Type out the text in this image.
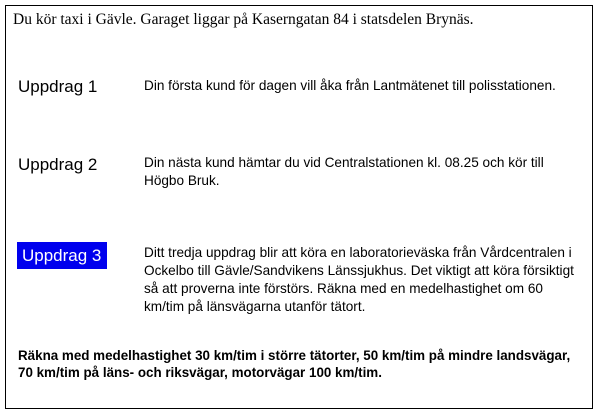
Du kör taxi i Gävle. Garaget liggar på Kaserngatan 84 i statsdelen Brynäs.
Uppdrag 1	Din första kund för dagen vill åka från Lantmätenet till polisstationen.
Uppdrag 2	Din nästa kund hämtar du vid Centralstationen kl. 08.25 och kör till Högbo Bruk.
Uppdrag 3	Ditt tredja uppdrag blir att köra en laboratorieväska från Vårdcentralen i Ockelbo till Gävle/Sandvikens Länssjukhus. Det viktigt att köra försiktigt så att proverna inte förstörs. Räkna med en medelhastighet om 60 km/tim på länsvägarna utanför tätort.
Räkna med medelhastighet 30 km/tim i större tätorter, 50 km/tim på mindre landsvägar, 70 km/tim på läns- och riksvägar, motorvägar 100 km/tim.
